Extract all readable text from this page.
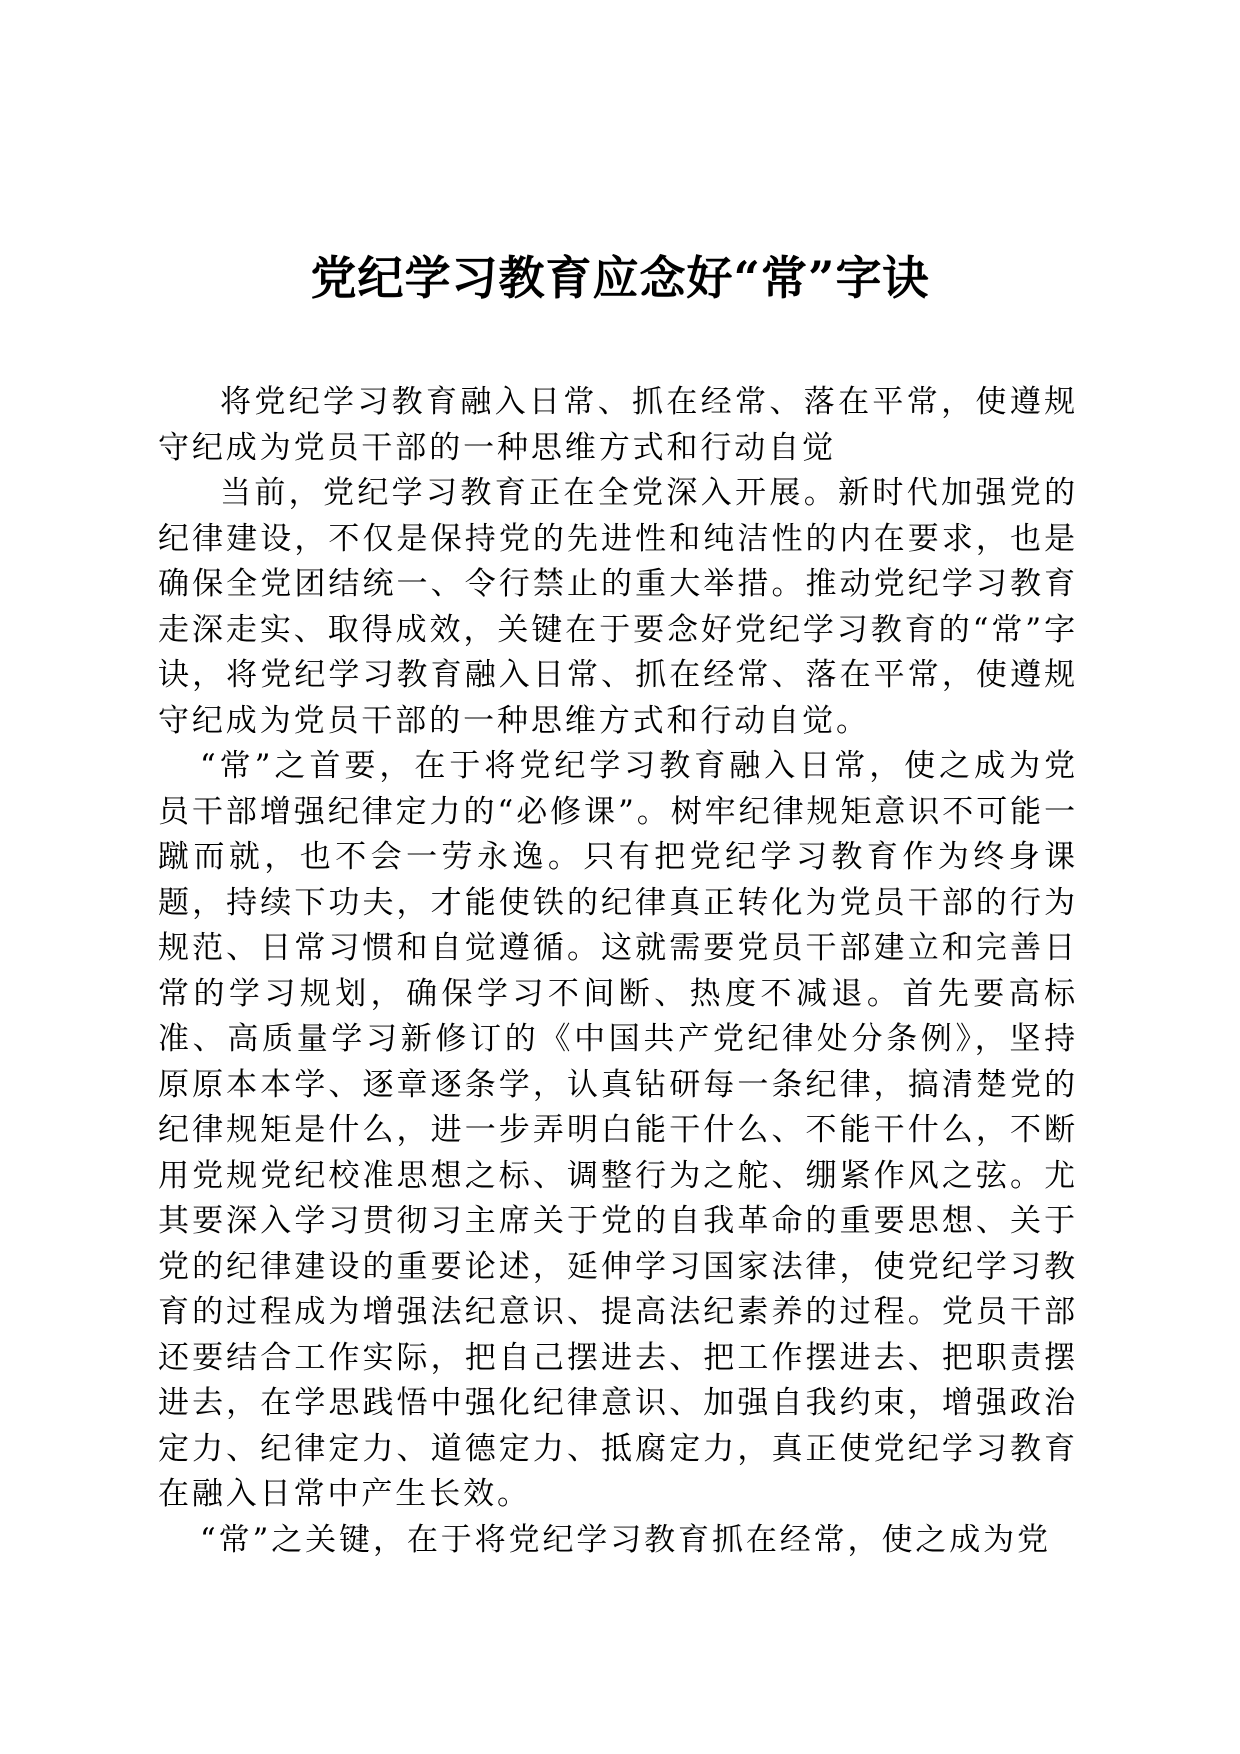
党纪学习教育应念好“常”字诀

将党纪学习教育融入日常、抓在经常、落在平常，使遵规守纪成为党员干部的一种思维方式和行动自觉

当前，党纪学习教育正在全党深入开展。新时代加强党的纪律建设，不仅是保持党的先进性和纯洁性的内在要求，也是确保全党团结统一、令行禁止的重大举措。推动党纪学习教育走深走实、取得成效，关键在于要念好党纪学习教育的“常”字诀，将党纪学习教育融入日常、抓在经常、落在平常，使遵规守纪成为党员干部的一种思维方式和行动自觉。

“常”之首要，在于将党纪学习教育融入日常，使之成为党员干部增强纪律定力的“必修课”。树牢纪律规矩意识不可能一蹴而就，也不会一劳永逸。只有把党纪学习教育作为终身课题，持续下功夫，才能使铁的纪律真正转化为党员干部的行为规范、日常习惯和自觉遵循。这就需要党员干部建立和完善日常的学习规划，确保学习不间断、热度不减退。首先要高标准、高质量学习新修订的《中国共产党纪律处分条例》，坚持原原本本学、逐章逐条学，认真钻研每一条纪律，搞清楚党的纪律规矩是什么，进一步弄明白能干什么、不能干什么，不断用党规党纪校准思想之标、调整行为之舵、绷紧作风之弦。尤其要深入学习贯彻习主席关于党的自我革命的重要思想、关于党的纪律建设的重要论述，延伸学习国家法律，使党纪学习教育的过程成为增强法纪意识、提高法纪素养的过程。党员干部还要结合工作实际，把自己摆进去、把工作摆进去、把职责摆进去，在学思践悟中强化纪律意识、加强自我约束，增强政治定力、纪律定力、道德定力、抵腐定力，真正使党纪学习教育在融入日常中产生长效。

“常”之关键，在于将党纪学习教育抓在经常，使之成为党
